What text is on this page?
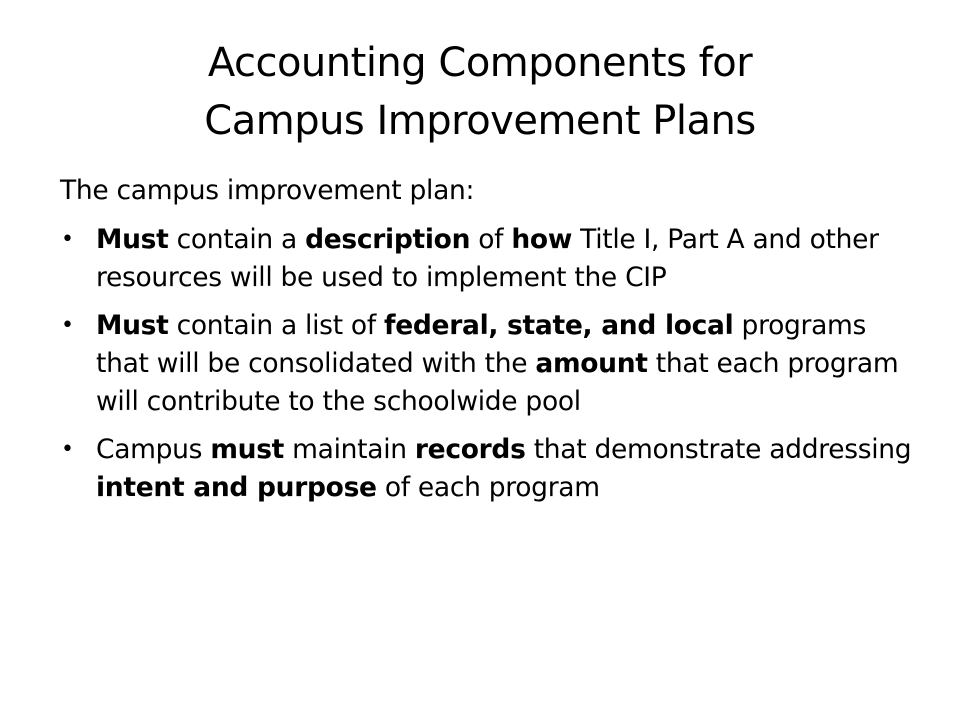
Accounting Components for
Campus Improvement Plans

The campus improvement plan:

• Must contain a description of how Title I, Part A and other resources will be used to implement the CIP
• Must contain a list of federal, state, and local programs that will be consolidated with the amount that each program will contribute to the schoolwide pool
• Campus must maintain records that demonstrate addressing intent and purpose of each program
